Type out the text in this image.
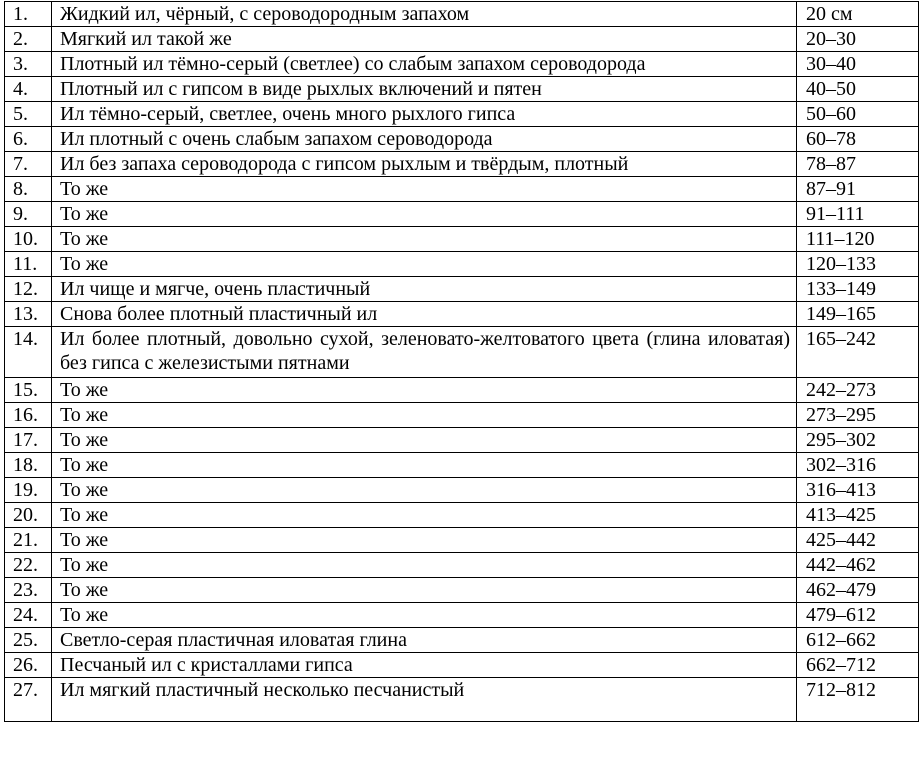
1.	Жидкий ил, чёрный, с сероводородным запахом	20 см
2.	Мягкий ил такой же	20–30
3.	Плотный ил тёмно-серый (светлее) со слабым запахом сероводорода	30–40
4.	Плотный ил с гипсом в виде рыхлых включений и пятен	40–50
5.	Ил тёмно-серый, светлее, очень много рыхлого гипса	50–60
6.	Ил плотный с очень слабым запахом сероводорода	60–78
7.	Ил без запаха сероводорода с гипсом рыхлым и твёрдым, плотный	78–87
8.	То же	87–91
9.	То же	91–111
10.	То же	111–120
11.	То же	120–133
12.	Ил чище и мягче, очень пластичный	133–149
13.	Снова более плотный пластичный ил	149–165
14.	Ил более плотный, довольно сухой, зеленовато-желтоватого цвета (глина иловатая) без гипса с железистыми пятнами	165–242
15.	То же	242–273
16.	То же	273–295
17.	То же	295–302
18.	То же	302–316
19.	То же	316–413
20.	То же	413–425
21.	То же	425–442
22.	То же	442–462
23.	То же	462–479
24.	То же	479–612
25.	Светло-серая пластичная иловатая глина	612–662
26.	Песчаный ил с кристаллами гипса	662–712
27.	Ил мягкий пластичный несколько песчанистый	712–812
